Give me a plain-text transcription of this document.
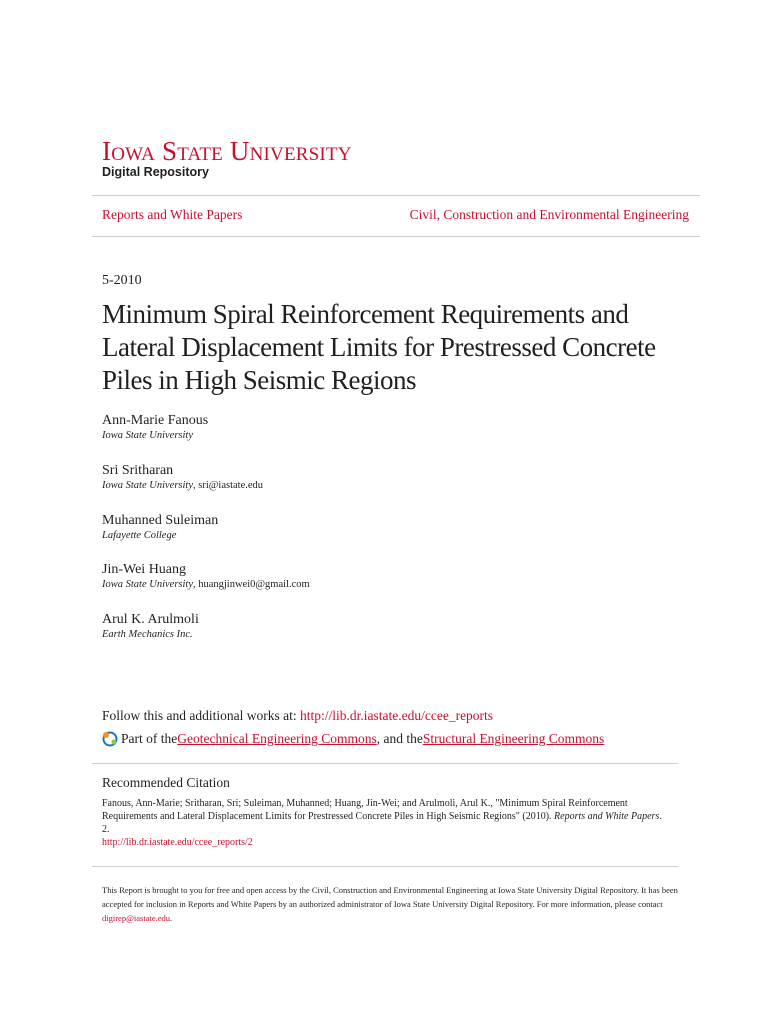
Iowa State University
Digital Repository
Reports and White Papers	Civil, Construction and Environmental Engineering
5-2010
Minimum Spiral Reinforcement Requirements and Lateral Displacement Limits for Prestressed Concrete Piles in High Seismic Regions
Ann-Marie Fanous
Iowa State University
Sri Sritharan
Iowa State University, sri@iastate.edu
Muhanned Suleiman
Lafayette College
Jin-Wei Huang
Iowa State University, huangjinwei0@gmail.com
Arul K. Arulmoli
Earth Mechanics Inc.
Follow this and additional works at: http://lib.dr.iastate.edu/ccee_reports
Part of the Geotechnical Engineering Commons , and the Structural Engineering Commons
Recommended Citation
Fanous, Ann-Marie; Sritharan, Sri; Suleiman, Muhanned; Huang, Jin-Wei; and Arulmoli, Arul K., "Minimum Spiral Reinforcement Requirements and Lateral Displacement Limits for Prestressed Concrete Piles in High Seismic Regions" (2010). Reports and White Papers. 2.
http://lib.dr.iastate.edu/ccee_reports/2
This Report is brought to you for free and open access by the Civil, Construction and Environmental Engineering at Iowa State University Digital Repository. It has been accepted for inclusion in Reports and White Papers by an authorized administrator of Iowa State University Digital Repository. For more information, please contact digirep@iastate.edu.
